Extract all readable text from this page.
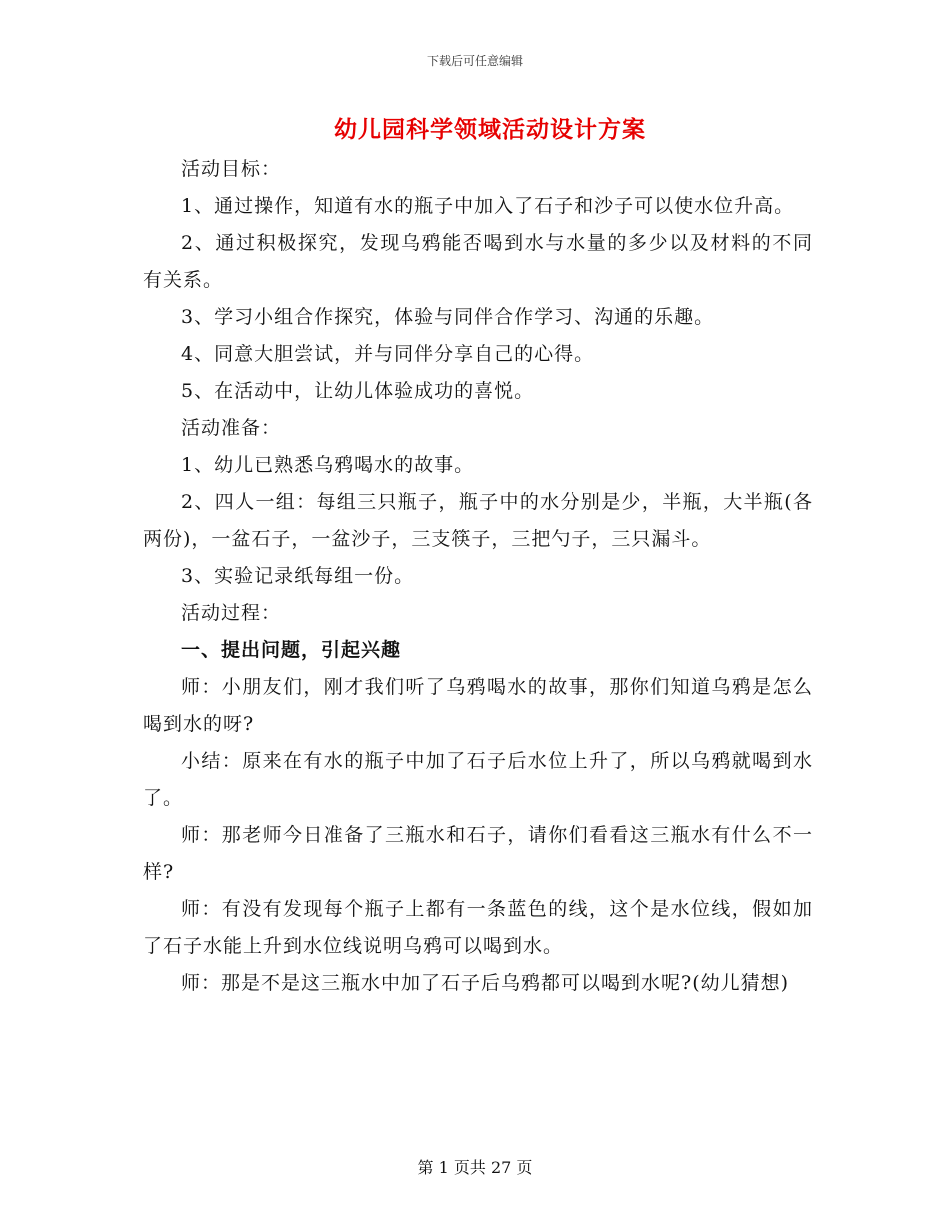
下载后可任意编辑
幼儿园科学领域活动设计方案

活动目标：

1、通过操作，知道有水的瓶子中加入了石子和沙子可以使水位升高。

2、通过积极探究，发现乌鸦能否喝到水与水量的多少以及材料的不同有关系。

3、学习小组合作探究，体验与同伴合作学习、沟通的乐趣。

4、同意大胆尝试，并与同伴分享自己的心得。

5、在活动中，让幼儿体验成功的喜悦。

活动准备：

1、幼儿已熟悉乌鸦喝水的故事。

2、四人一组：每组三只瓶子，瓶子中的水分别是少，半瓶，大半瓶(各两份)，一盆石子，一盆沙子，三支筷子，三把勺子，三只漏斗。

3、实验记录纸每组一份。

活动过程：

一、提出问题，引起兴趣

师：小朋友们，刚才我们听了乌鸦喝水的故事，那你们知道乌鸦是怎么喝到水的呀?

小结：原来在有水的瓶子中加了石子后水位上升了，所以乌鸦就喝到水了。

师：那老师今日准备了三瓶水和石子，请你们看看这三瓶水有什么不一样?

师：有没有发现每个瓶子上都有一条蓝色的线，这个是水位线，假如加了石子水能上升到水位线说明乌鸦可以喝到水。

师：那是不是这三瓶水中加了石子后乌鸦都可以喝到水呢?(幼儿猜想)

第 1 页共 27 页
